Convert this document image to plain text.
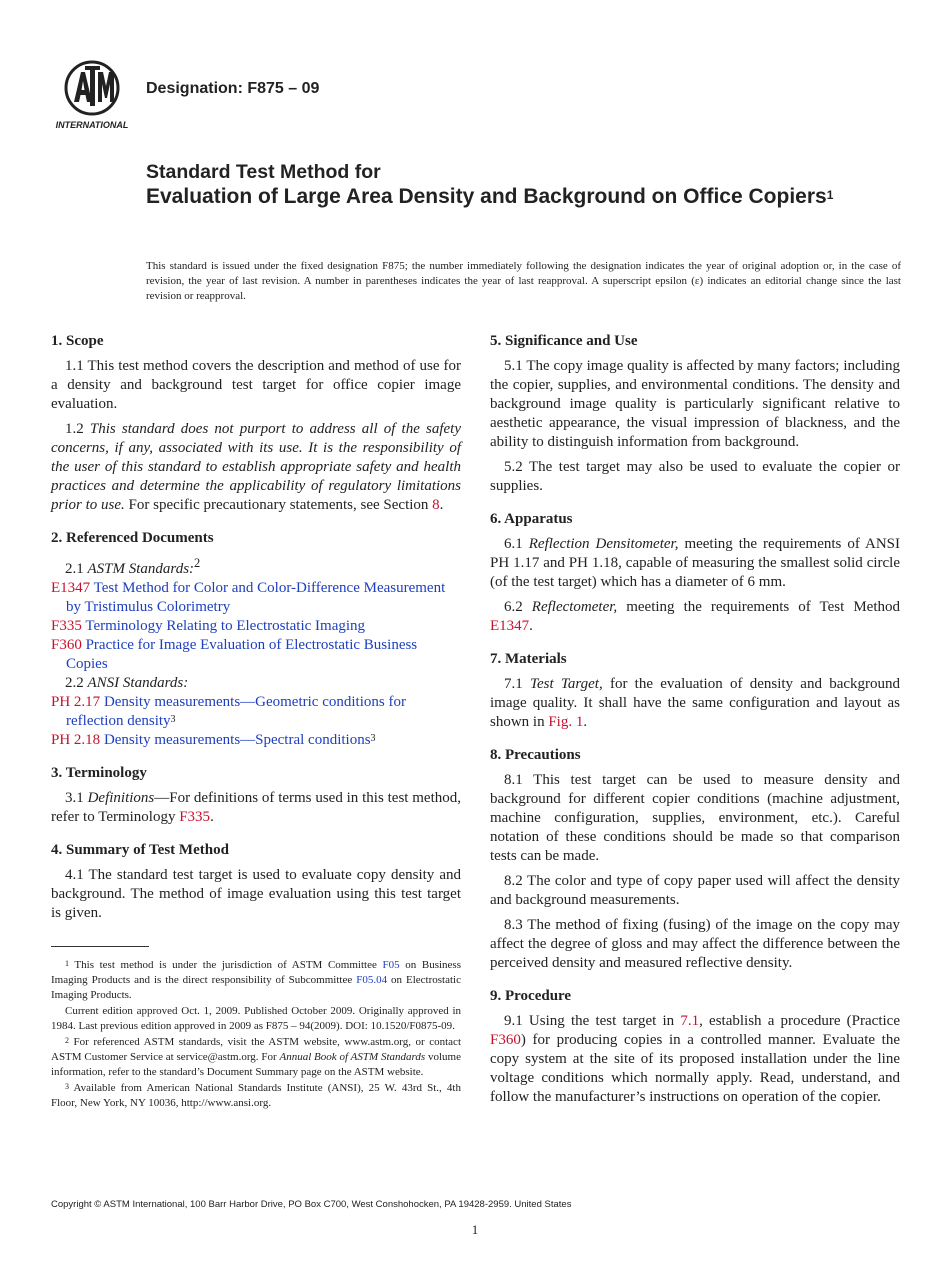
INTERNATIONAL
Designation: F875 – 09
Standard Test Method for
Evaluation of Large Area Density and Background on Office Copiers$^1$
This standard is issued under the fixed designation F875; the number immediately following the designation indicates the year of original adoption or, in the case of revision, the year of last revision. A number in parentheses indicates the year of last reapproval. A superscript epsilon (ε) indicates an editorial change since the last revision or reapproval.
1. Scope

1.1 This test method covers the description and method of use for a density and background test target for office copier image evaluation.

1.2 This standard does not purport to address all of the safety concerns, if any, associated with its use. It is the responsibility of the user of this standard to establish appropriate safety and health practices and determine the applicability of regulatory limitations prior to use. For specific precautionary statements, see Section 8.

2. Referenced Documents
2.1 ASTM Standards:$^2$
E1347 Test Method for Color and Color-Difference Measurement by Tristimulus Colorimetry
F335 Terminology Relating to Electrostatic Imaging
F360 Practice for Image Evaluation of Electrostatic Business Copies
2.2 ANSI Standards:
PH 2.17 Density measurements—Geometric conditions for reflection density$^3$
PH 2.18 Density measurements—Spectral conditions$^3$
3. Terminology

3.1 Definitions—For definitions of terms used in this test method, refer to Terminology F335.

4. Summary of Test Method

4.1 The standard test target is used to evaluate copy density and background. The method of image evaluation using this test target is given.

$^1$ This test method is under the jurisdiction of ASTM Committee F05 on Business Imaging Products and is the direct responsibility of Subcommittee F05.04 on Electrostatic Imaging Products.

Current edition approved Oct. 1, 2009. Published October 2009. Originally approved in 1984. Last previous edition approved in 2009 as F875 – 94(2009). DOI: 10.1520/F0875-09.

$^2$ For referenced ASTM standards, visit the ASTM website, www.astm.org, or contact ASTM Customer Service at service@astm.org. For Annual Book of ASTM Standards volume information, refer to the standard’s Document Summary page on the ASTM website.

$^3$ Available from American National Standards Institute (ANSI), 25 W. 43rd St., 4th Floor, New York, NY 10036, http://www.ansi.org.

5. Significance and Use

5.1 The copy image quality is affected by many factors; including the copier, supplies, and environmental conditions. The density and background image quality is particularly significant relative to aesthetic appearance, the visual impression of blackness, and the ability to distinguish information from background.

5.2 The test target may also be used to evaluate the copier or supplies.

6. Apparatus

6.1 Reflection Densitometer, meeting the requirements of ANSI PH 1.17 and PH 1.18, capable of measuring the smallest solid circle (of the test target) which has a diameter of 6 mm.

6.2 Reflectometer, meeting the requirements of Test Method E1347.

7. Materials

7.1 Test Target, for the evaluation of density and background image quality. It shall have the same configuration and layout as shown in Fig. 1.

8. Precautions

8.1 This test target can be used to measure density and background for different copier conditions (machine adjustment, machine configuration, supplies, environment, etc.). Careful notation of these conditions should be made so that comparison tests can be made.

8.2 The color and type of copy paper used will affect the density and background measurements.

8.3 The method of fixing (fusing) of the image on the copy may affect the degree of gloss and may affect the difference between the perceived density and measured reflective density.

9. Procedure

9.1 Using the test target in 7.1, establish a procedure (Practice F360) for producing copies in a controlled manner. Evaluate the copy system at the site of its proposed installation under the line voltage conditions which normally apply. Read, understand, and follow the manufacturer’s instructions on operation of the copier.

Copyright © ASTM International, 100 Barr Harbor Drive, PO Box C700, West Conshohocken, PA 19428-2959. United States
1
